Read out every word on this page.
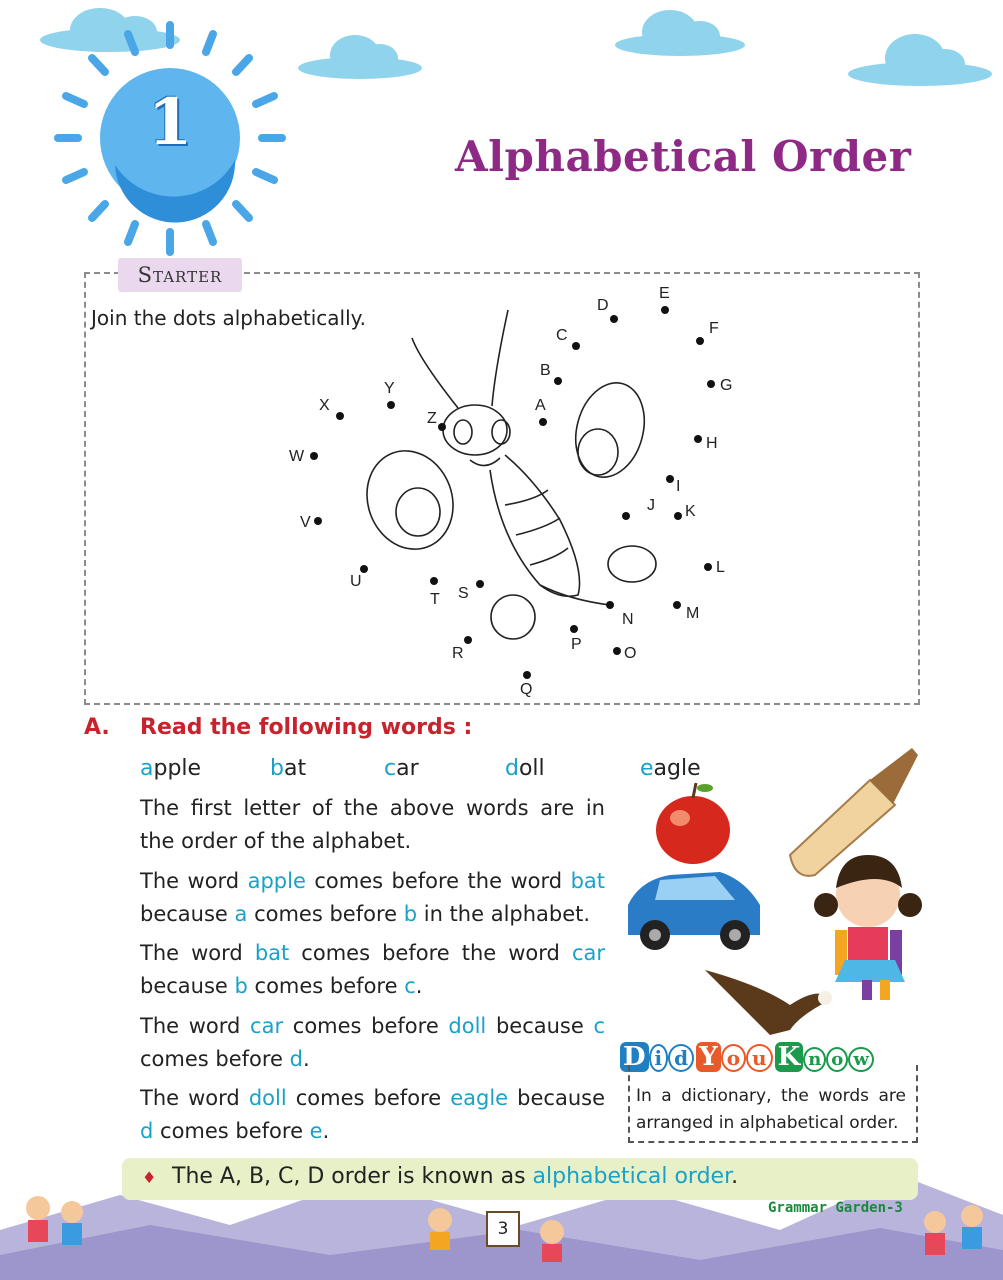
1	Alphabetical Order
Starter
Join the dots alphabetically.
A
B
C
D
E
F
G
H
I
J K
L
M
N
O
P
Q
R
S
T
U
V
W
X
Y
Z
A. Read the following words :
apple	bat	car	doll	eagle
The first letter of the above words are in the order of the alphabet.
The word apple comes before the word bat because a comes before b in the alphabet.
The word bat comes before the word car because b comes before c.
The word car comes before doll because c comes before d.
The word doll comes before eagle because d comes before e.
D i d Y o u K n o w
In a dictionary, the words are arranged in alphabetical order.
♦ The A, B, C, D order is known as alphabetical order.
Grammar Garden-3
3
